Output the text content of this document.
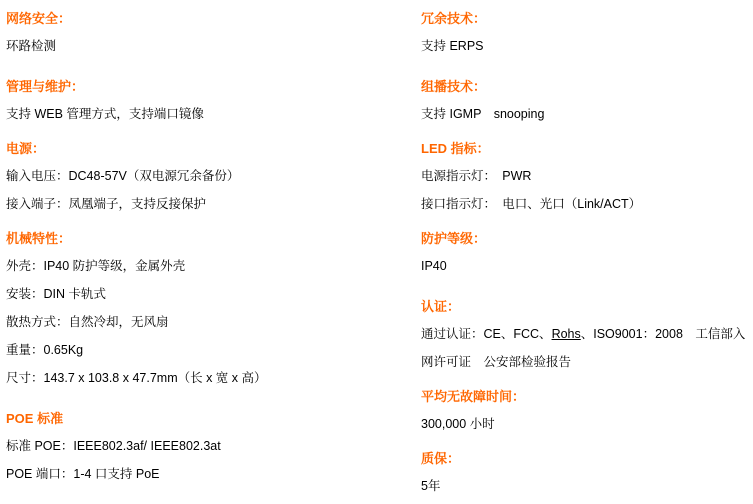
网络安全：
环路检测
管理与维护：
支持 WEB 管理方式，支持端口镜像
电源：
输入电压：DC48-57V（双电源冗余备份）
接入端子：凤凰端子，支持反接保护
机械特性：
外壳：IP40 防护等级，金属外壳
安装：DIN 卡轨式
散热方式：自然冷却，无风扇
重量：0.65Kg
尺寸：143.7 x 103.8 x 47.7mm（长 x 宽 x 高）
POE 标准
标准 POE：IEEE802.3af/ IEEE802.3at
POE 端口：1-4 口支持 PoE
冗余技术：
支持 ERPS
组播技术：
支持 IGMP　snooping
LED 指标：
电源指示灯：　PWR
接口指示灯：　电口、光口（Link/ACT）
防护等级：
IP40
认证：
通过认证：CE、FCC、Rohs、ISO9001：2008　工信部入
网许可证　公安部检验报告
平均无故障时间：
300,000 小时
质保：
5年
